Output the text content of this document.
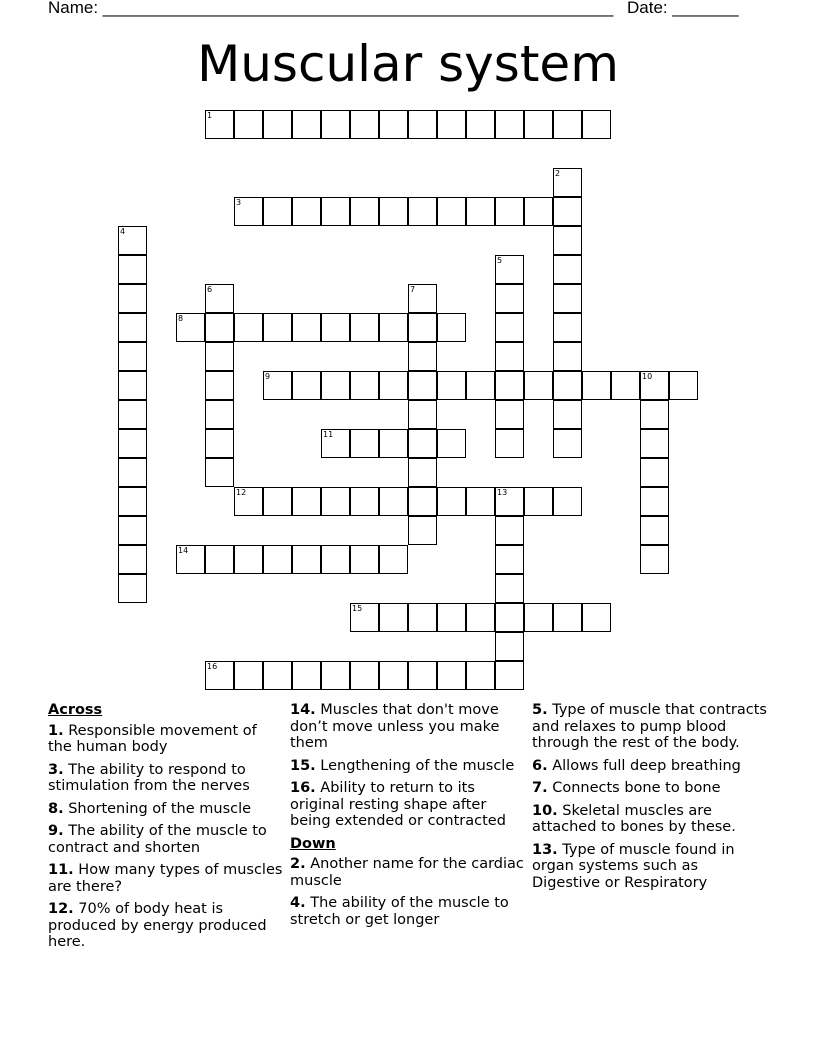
Name: ______________________________________________________ Date: _______
Muscular system
1
2
3
4
5
6	7
8
9	10
11
12	13
14
15
16
Across
1. Responsible movement of the human body
3. The ability to respond to stimulation from the nerves
8. Shortening of the muscle
9. The ability of the muscle to contract and shorten
11. How many types of muscles are there?
12. 70% of body heat is produced by energy produced here.
14. Muscles that don't move don’t move unless you make them
15. Lengthening of the muscle
16. Ability to return to its original resting shape after being extended or contracted
Down
2. Another name for the cardiac muscle
4. The ability of the muscle to stretch or get longer
5. Type of muscle that contracts and relaxes to pump blood through the rest of the body.
6. Allows full deep breathing
7. Connects bone to bone
10. Skeletal muscles are attached to bones by these.
13. Type of muscle found in organ systems such as Digestive or Respiratory
